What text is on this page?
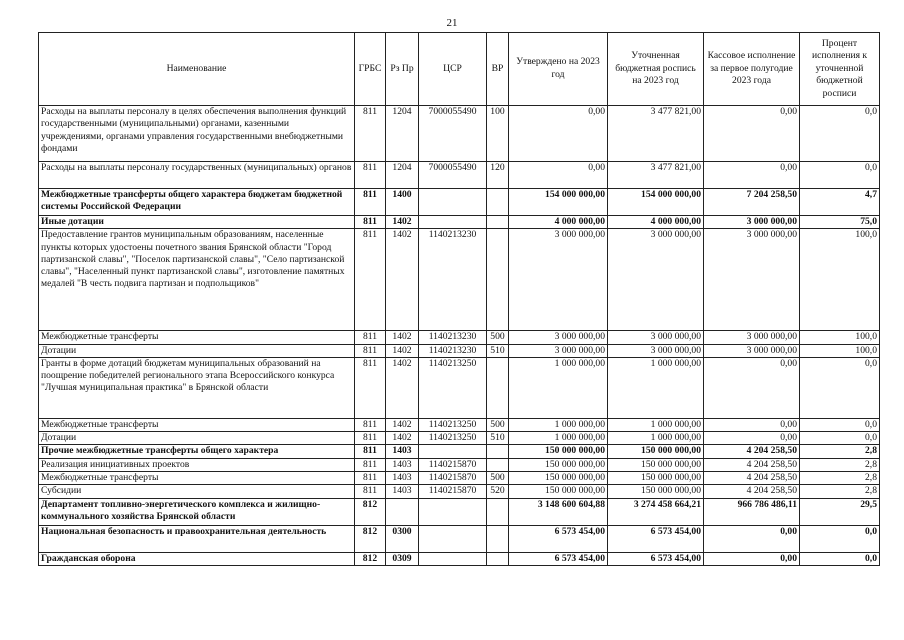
21
Наименование	ГРБС	Рз Пр	ЦСР	ВР	Утверждено на 2023 год	Уточненная бюджетная роспись на 2023 год	Кассовое исполнение за первое полугодие 2023 года	Процент исполнения к уточненной бюджетной росписи
Расходы на выплаты персоналу в целях обеспечения выполнения функций государственными (муниципальными) органами, казенными учреждениями, органами управления государственными внебюджетными фондами	811	1204	7000055490	100	0,00	3 477 821,00	0,00	0,0
Расходы на выплаты персоналу государственных (муниципальных) органов	811	1204	7000055490	120	0,00	3 477 821,00	0,00	0,0
Межбюджетные трансферты общего характера бюджетам бюджетной системы Российской Федерации	811	1400			154 000 000,00	154 000 000,00	7 204 258,50	4,7
Иные дотации	811	1402			4 000 000,00	4 000 000,00	3 000 000,00	75,0
Предоставление грантов муниципальным образованиям, населенные пункты которых удостоены почетного звания Брянской области "Город партизанской славы", "Поселок партизанской славы", "Село партизанской славы", "Населенный пункт партизанской славы", изготовление памятных медалей "В честь подвига партизан и подпольщиков"	811	1402	1140213230		3 000 000,00	3 000 000,00	3 000 000,00	100,0
Межбюджетные трансферты	811	1402	1140213230	500	3 000 000,00	3 000 000,00	3 000 000,00	100,0
Дотации	811	1402	1140213230	510	3 000 000,00	3 000 000,00	3 000 000,00	100,0
Гранты в форме дотаций бюджетам муниципальных образований на поощрение победителей регионального этапа Всероссийского конкурса "Лучшая муниципальная практика" в Брянской области	811	1402	1140213250		1 000 000,00	1 000 000,00	0,00	0,0
Межбюджетные трансферты	811	1402	1140213250	500	1 000 000,00	1 000 000,00	0,00	0,0
Дотации	811	1402	1140213250	510	1 000 000,00	1 000 000,00	0,00	0,0
Прочие межбюджетные трансферты общего характера	811	1403			150 000 000,00	150 000 000,00	4 204 258,50	2,8
Реализация инициативных проектов	811	1403	1140215870		150 000 000,00	150 000 000,00	4 204 258,50	2,8
Межбюджетные трансферты	811	1403	1140215870	500	150 000 000,00	150 000 000,00	4 204 258,50	2,8
Субсидии	811	1403	1140215870	520	150 000 000,00	150 000 000,00	4 204 258,50	2,8
Департамент топливно-энергетического комплекса и жилищно-коммунального хозяйства Брянской области	812				3 148 600 604,88	3 274 458 664,21	966 786 486,11	29,5
Национальная безопасность и правоохранительная деятельность	812	0300			6 573 454,00	6 573 454,00	0,00	0,0
Гражданская оборона	812	0309			6 573 454,00	6 573 454,00	0,00	0,0
